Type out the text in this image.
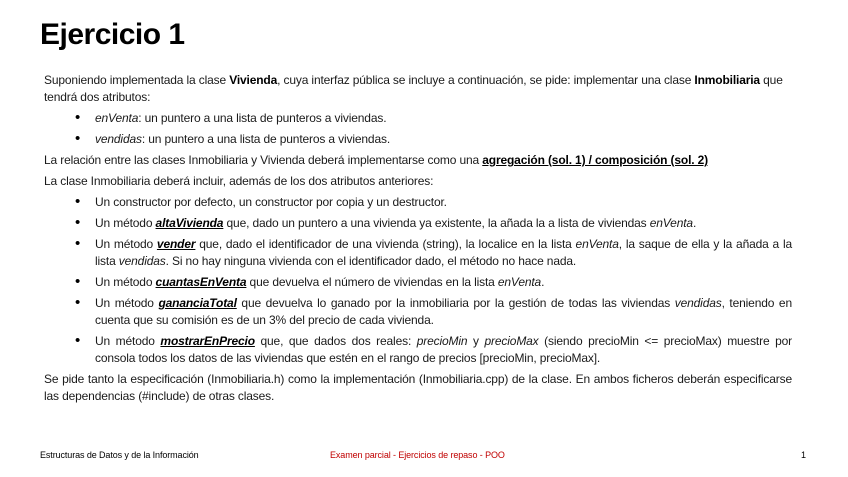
Ejercicio 1

Suponiendo implementada la clase Vivienda, cuya interfaz pública se incluye a continuación, se pide: implementar una clase Inmobiliaria que tendrá dos atributos:

• enVenta: un puntero a una lista de punteros a viviendas.
• vendidas: un puntero a una lista de punteros a viviendas.

La relación entre las clases Inmobiliaria y Vivienda deberá implementarse como una agregación (sol. 1) / composición (sol. 2)

La clase Inmobiliaria deberá incluir, además de los dos atributos anteriores:

• Un constructor por defecto, un constructor por copia y un destructor.
• Un método altaVivienda que, dado un puntero a una vivienda ya existente, la añada la a lista de viviendas enVenta.
• Un método vender que, dado el identificador de una vivienda (string), la localice en la lista enVenta, la saque de ella y la añada a la lista vendidas. Si no hay ninguna vivienda con el identificador dado, el método no hace nada.
• Un método cuantasEnVenta que devuelva el número de viviendas en la lista enVenta.
• Un método gananciaTotal que devuelva lo ganado por la inmobiliaria por la gestión de todas las viviendas vendidas, teniendo en cuenta que su comisión es de un 3% del precio de cada vivienda.
• Un método mostrarEnPrecio que, que dados dos reales: precioMin y precioMax (siendo precioMin <= precioMax) muestre por consola todos los datos de las viviendas que estén en el rango de precios [precioMin, precioMax].

Se pide tanto la especificación (Inmobiliaria.h) como la implementación (Inmobiliaria.cpp) de la clase. En ambos ficheros deberán especificarse las dependencias (#include) de otras clases.

Estructuras de Datos y de la Información	Examen parcial - Ejercicios de repaso - POO	1
